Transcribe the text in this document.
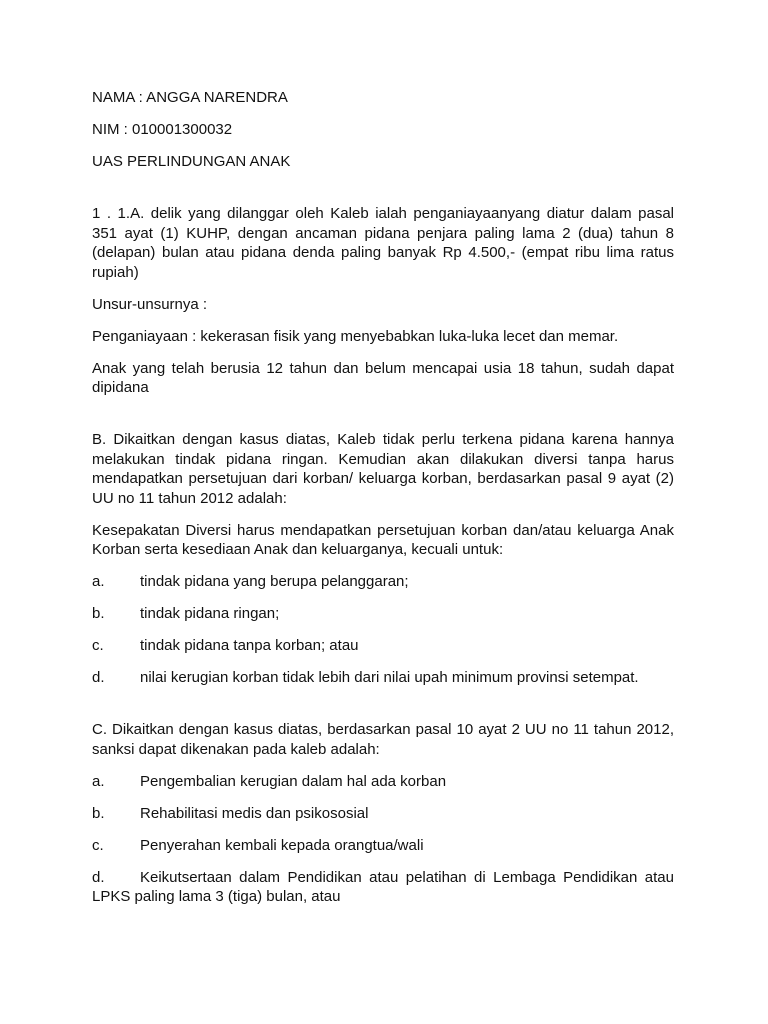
NAMA : ANGGA NARENDRA
NIM : 010001300032
UAS PERLINDUNGAN ANAK
1 . 1.A. delik yang dilanggar oleh Kaleb ialah penganiayaanyang diatur dalam pasal 351 ayat (1) KUHP, dengan ancaman pidana penjara paling lama 2 (dua) tahun 8 (delapan) bulan atau pidana denda paling banyak Rp 4.500,- (empat ribu lima ratus rupiah)
Unsur-unsurnya :
Penganiayaan : kekerasan fisik yang menyebabkan luka-luka lecet dan memar.
Anak yang telah berusia 12 tahun dan belum mencapai usia 18 tahun, sudah dapat dipidana
B. Dikaitkan dengan kasus diatas, Kaleb tidak perlu terkena pidana karena hannya melakukan tindak pidana ringan. Kemudian akan dilakukan diversi tanpa harus mendapatkan persetujuan dari korban/ keluarga korban, berdasarkan pasal 9 ayat (2) UU no 11 tahun 2012 adalah:
Kesepakatan Diversi harus mendapatkan persetujuan korban dan/atau keluarga Anak Korban serta kesediaan Anak dan keluarganya, kecuali untuk:
a.	tindak pidana yang berupa pelanggaran;
b.	tindak pidana ringan;
c.	tindak pidana tanpa korban; atau
d.	nilai kerugian korban tidak lebih dari nilai upah minimum provinsi setempat.
C. Dikaitkan dengan kasus diatas, berdasarkan pasal 10 ayat 2 UU no 11 tahun 2012, sanksi dapat dikenakan pada kaleb adalah:
a.	Pengembalian kerugian dalam hal ada korban
b.	Rehabilitasi medis dan psikososial
c.	Penyerahan kembali kepada orangtua/wali
d. Keikutsertaan dalam Pendidikan atau pelatihan di Lembaga Pendidikan atau LPKS paling lama 3 (tiga) bulan, atau
